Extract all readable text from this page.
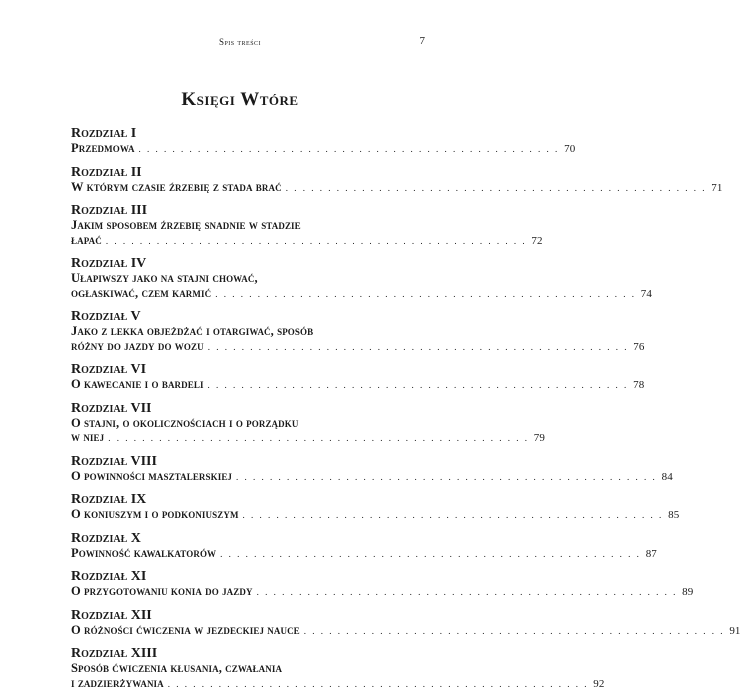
Spis treści	7
Księgi Wtóre
Rozdział I
Przedmowa . . . . . . . . . . . . . . . . . . . . . . . . . . . . . . . . . . . . . . . . . . . . . . . . . . 70
Rozdział II
W którym czasie źrzebię z stada brać . . . . . . . . . . . . . . . . . . . . . . . . . . . . . . . . . . . . . . . . . . . . . . . . . . 71
Rozdział III
Jakim sposobem źrzebię snadnie w stadzie
łapać . . . . . . . . . . . . . . . . . . . . . . . . . . . . . . . . . . . . . . . . . . . . . . . . . . 72
Rozdział IV
Ułapiwszy jako na stajni chować,
ogłaskiwać, czem karmić . . . . . . . . . . . . . . . . . . . . . . . . . . . . . . . . . . . . . . . . . . . . . . . . . . 74
Rozdział V
Jako z lekka objeżdżać i otargiwać, sposób
różny do jazdy do wozu . . . . . . . . . . . . . . . . . . . . . . . . . . . . . . . . . . . . . . . . . . . . . . . . . . 76
Rozdział VI
O kawecanie i o bardeli . . . . . . . . . . . . . . . . . . . . . . . . . . . . . . . . . . . . . . . . . . . . . . . . . . 78
Rozdział VII
O stajni, o okolicznościach i o porządku
w niej . . . . . . . . . . . . . . . . . . . . . . . . . . . . . . . . . . . . . . . . . . . . . . . . . . 79
Rozdział VIII
O powinności masztalerskiej . . . . . . . . . . . . . . . . . . . . . . . . . . . . . . . . . . . . . . . . . . . . . . . . . . 84
Rozdział IX
O koniuszym i o podkoniuszym . . . . . . . . . . . . . . . . . . . . . . . . . . . . . . . . . . . . . . . . . . . . . . . . . . 85
Rozdział X
Powinność kawalkatorów . . . . . . . . . . . . . . . . . . . . . . . . . . . . . . . . . . . . . . . . . . . . . . . . . . 87
Rozdział XI
O przygotowaniu konia do jazdy . . . . . . . . . . . . . . . . . . . . . . . . . . . . . . . . . . . . . . . . . . . . . . . . . . 89
Rozdział XII
O różności ćwiczenia w jezdeckiej nauce . . . . . . . . . . . . . . . . . . . . . . . . . . . . . . . . . . . . . . . . . . . . . . . . . . 91
Rozdział XIII
Sposób ćwiczenia kłusania, czwałania
i zadzierżywania . . . . . . . . . . . . . . . . . . . . . . . . . . . . . . . . . . . . . . . . . . . . . . . . . . 92
